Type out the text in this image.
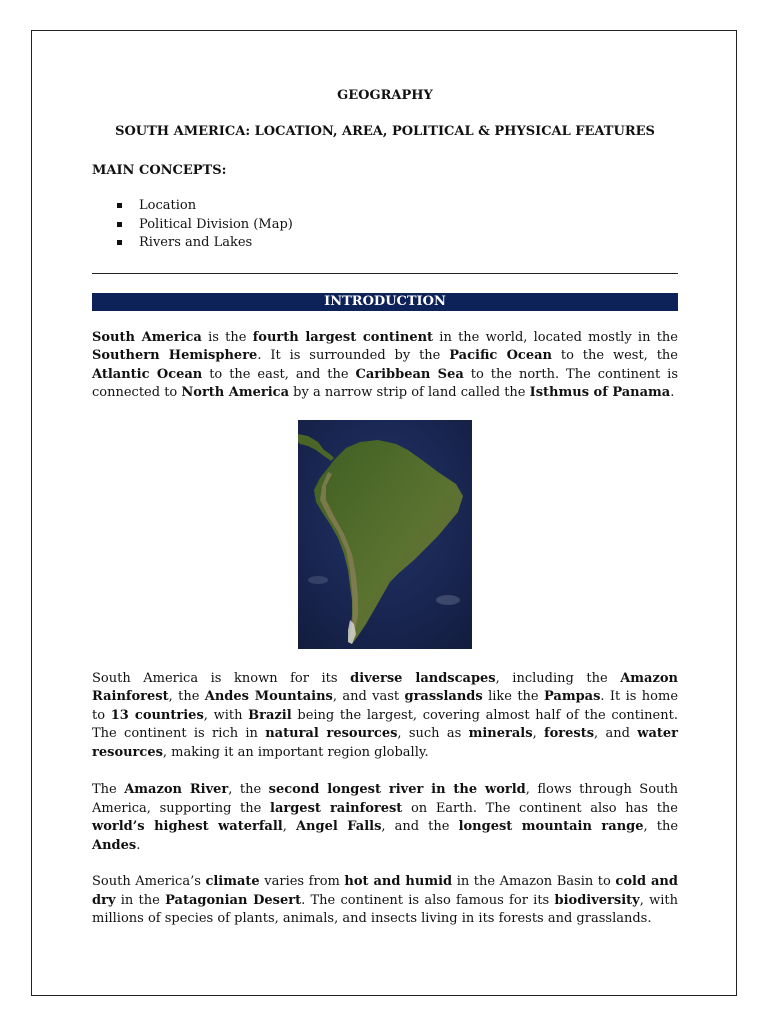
GEOGRAPHY

SOUTH AMERICA: LOCATION, AREA, POLITICAL & PHYSICAL FEATURES

MAIN CONCEPTS:

Location
Political Division (Map)
Rivers and Lakes
INTRODUCTION

South America is the fourth largest continent in the world, located mostly in the Southern Hemisphere. It is surrounded by the Pacific Ocean to the west, the Atlantic Ocean to the east, and the Caribbean Sea to the north. The continent is connected to North America by a narrow strip of land called the Isthmus of Panama.

South America is known for its diverse landscapes, including the Amazon Rainforest, the Andes Mountains, and vast grasslands like the Pampas. It is home to 13 countries, with Brazil being the largest, covering almost half of the continent. The continent is rich in natural resources, such as minerals, forests, and water resources, making it an important region globally.

The Amazon River, the second longest river in the world, flows through South America, supporting the largest rainforest on Earth. The continent also has the world’s highest waterfall, Angel Falls, and the longest mountain range, the Andes.

South America’s climate varies from hot and humid in the Amazon Basin to cold and dry in the Patagonian Desert. The continent is also famous for its biodiversity, with millions of species of plants, animals, and insects living in its forests and grasslands.
